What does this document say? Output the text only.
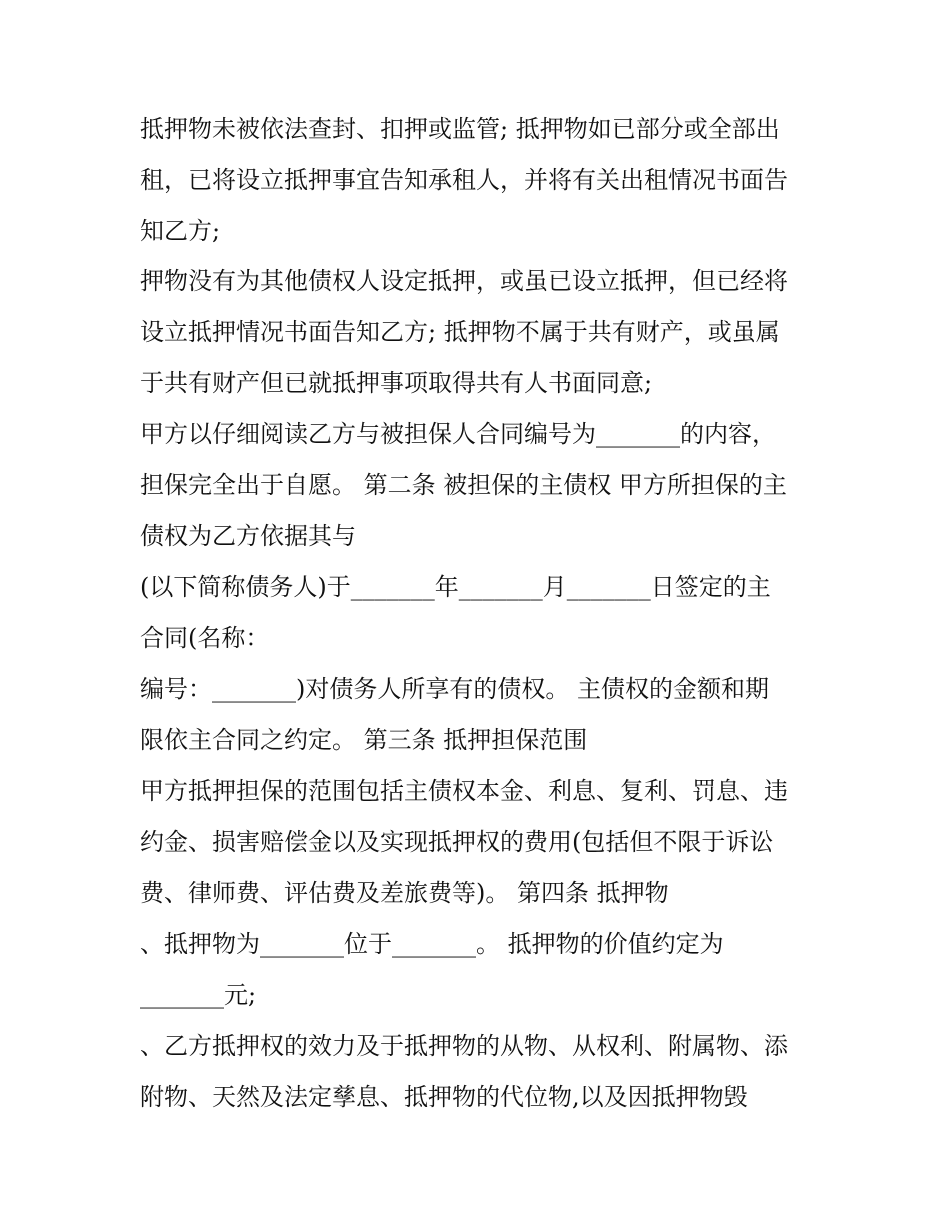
抵押物未被依法查封、扣押或监管; 抵押物如已部分或全部出

租，已将设立抵押事宜告知承租人，并将有关出租情况书面告

知乙方;

押物没有为其他债权人设定抵押，或虽已设立抵押，但已经将

设立抵押情况书面告知乙方; 抵押物不属于共有财产，或虽属

于共有财产但已就抵押事项取得共有人书面同意;

甲方以仔细阅读乙方与被担保人合同编号为_______的内容，

担保完全出于自愿。 第二条 被担保的主债权 甲方所担保的主

债权为乙方依据其与

(以下简称债务人)于_______年_______月_______日签定的主

合同(名称：

编号：_______)对债务人所享有的债权。 主债权的金额和期

限依主合同之约定。 第三条 抵押担保范围

甲方抵押担保的范围包括主债权本金、利息、复利、罚息、违

约金、损害赔偿金以及实现抵押权的费用(包括但不限于诉讼

费、律师费、评估费及差旅费等)。 第四条 抵押物

、抵押物为_______位于_______。 抵押物的价值约定为

_______元;

、乙方抵押权的效力及于抵押物的从物、从权利、附属物、添

附物、天然及法定孳息、抵押物的代位物,以及因抵押物毁
